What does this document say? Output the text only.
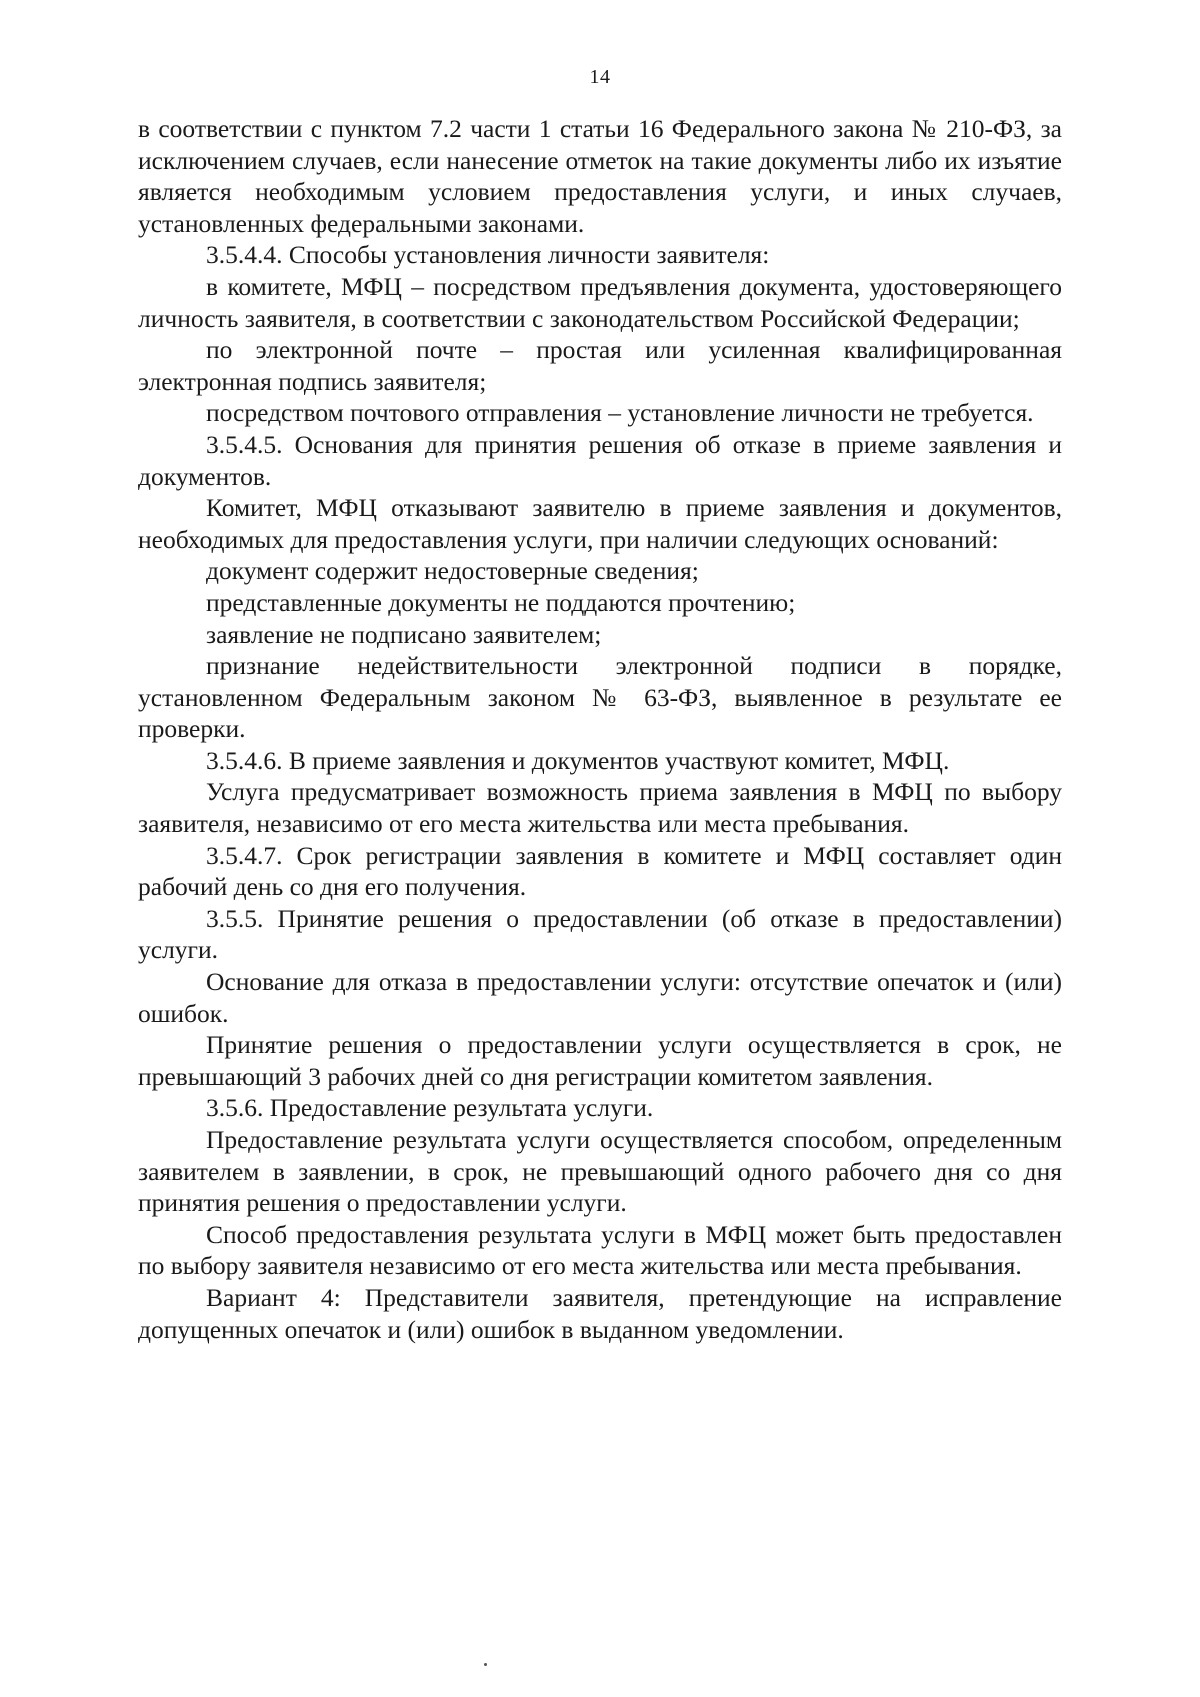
14

в соответствии с пунктом 7.2 части 1 статьи 16 Федерального закона № 210-ФЗ, за исключением случаев, если нанесение отметок на такие документы либо их изъятие является необходимым условием предоставления услуги, и иных случаев, установленных федеральными законами.

3.5.4.4. Способы установления личности заявителя:

в комитете, МФЦ – посредством предъявления документа, удостоверяющего личность заявителя, в соответствии с законодательством Российской Федерации;

по электронной почте – простая или усиленная квалифицированная электронная подпись заявителя;

посредством почтового отправления – установление личности не требуется.

3.5.4.5. Основания для принятия решения об отказе в приеме заявления и документов.

Комитет, МФЦ отказывают заявителю в приеме заявления и документов, необходимых для предоставления услуги, при наличии следующих оснований:

документ содержит недостоверные сведения;

представленные документы не поддаются прочтению;

заявление не подписано заявителем;

признание недействительности электронной подписи в порядке, установленном Федеральным законом № 63-ФЗ, выявленное в результате ее проверки.

3.5.4.6. В приеме заявления и документов участвуют комитет, МФЦ.

Услуга предусматривает возможность приема заявления в МФЦ по выбору заявителя, независимо от его места жительства или места пребывания.

3.5.4.7. Срок регистрации заявления в комитете и МФЦ составляет один рабочий день со дня его получения.

3.5.5. Принятие решения о предоставлении (об отказе в предоставлении) услуги.

Основание для отказа в предоставлении услуги: отсутствие опечаток и (или) ошибок.

Принятие решения о предоставлении услуги осуществляется в срок, не превышающий 3 рабочих дней со дня регистрации комитетом заявления.

3.5.6. Предоставление результата услуги.

Предоставление результата услуги осуществляется способом, определенным заявителем в заявлении, в срок, не превышающий одного рабочего дня со дня принятия решения о предоставлении услуги.

Способ предоставления результата услуги в МФЦ может быть предоставлен по выбору заявителя независимо от его места жительства или места пребывания.

Вариант 4: Представители заявителя, претендующие на исправление допущенных опечаток и (или) ошибок в выданном уведомлении.
